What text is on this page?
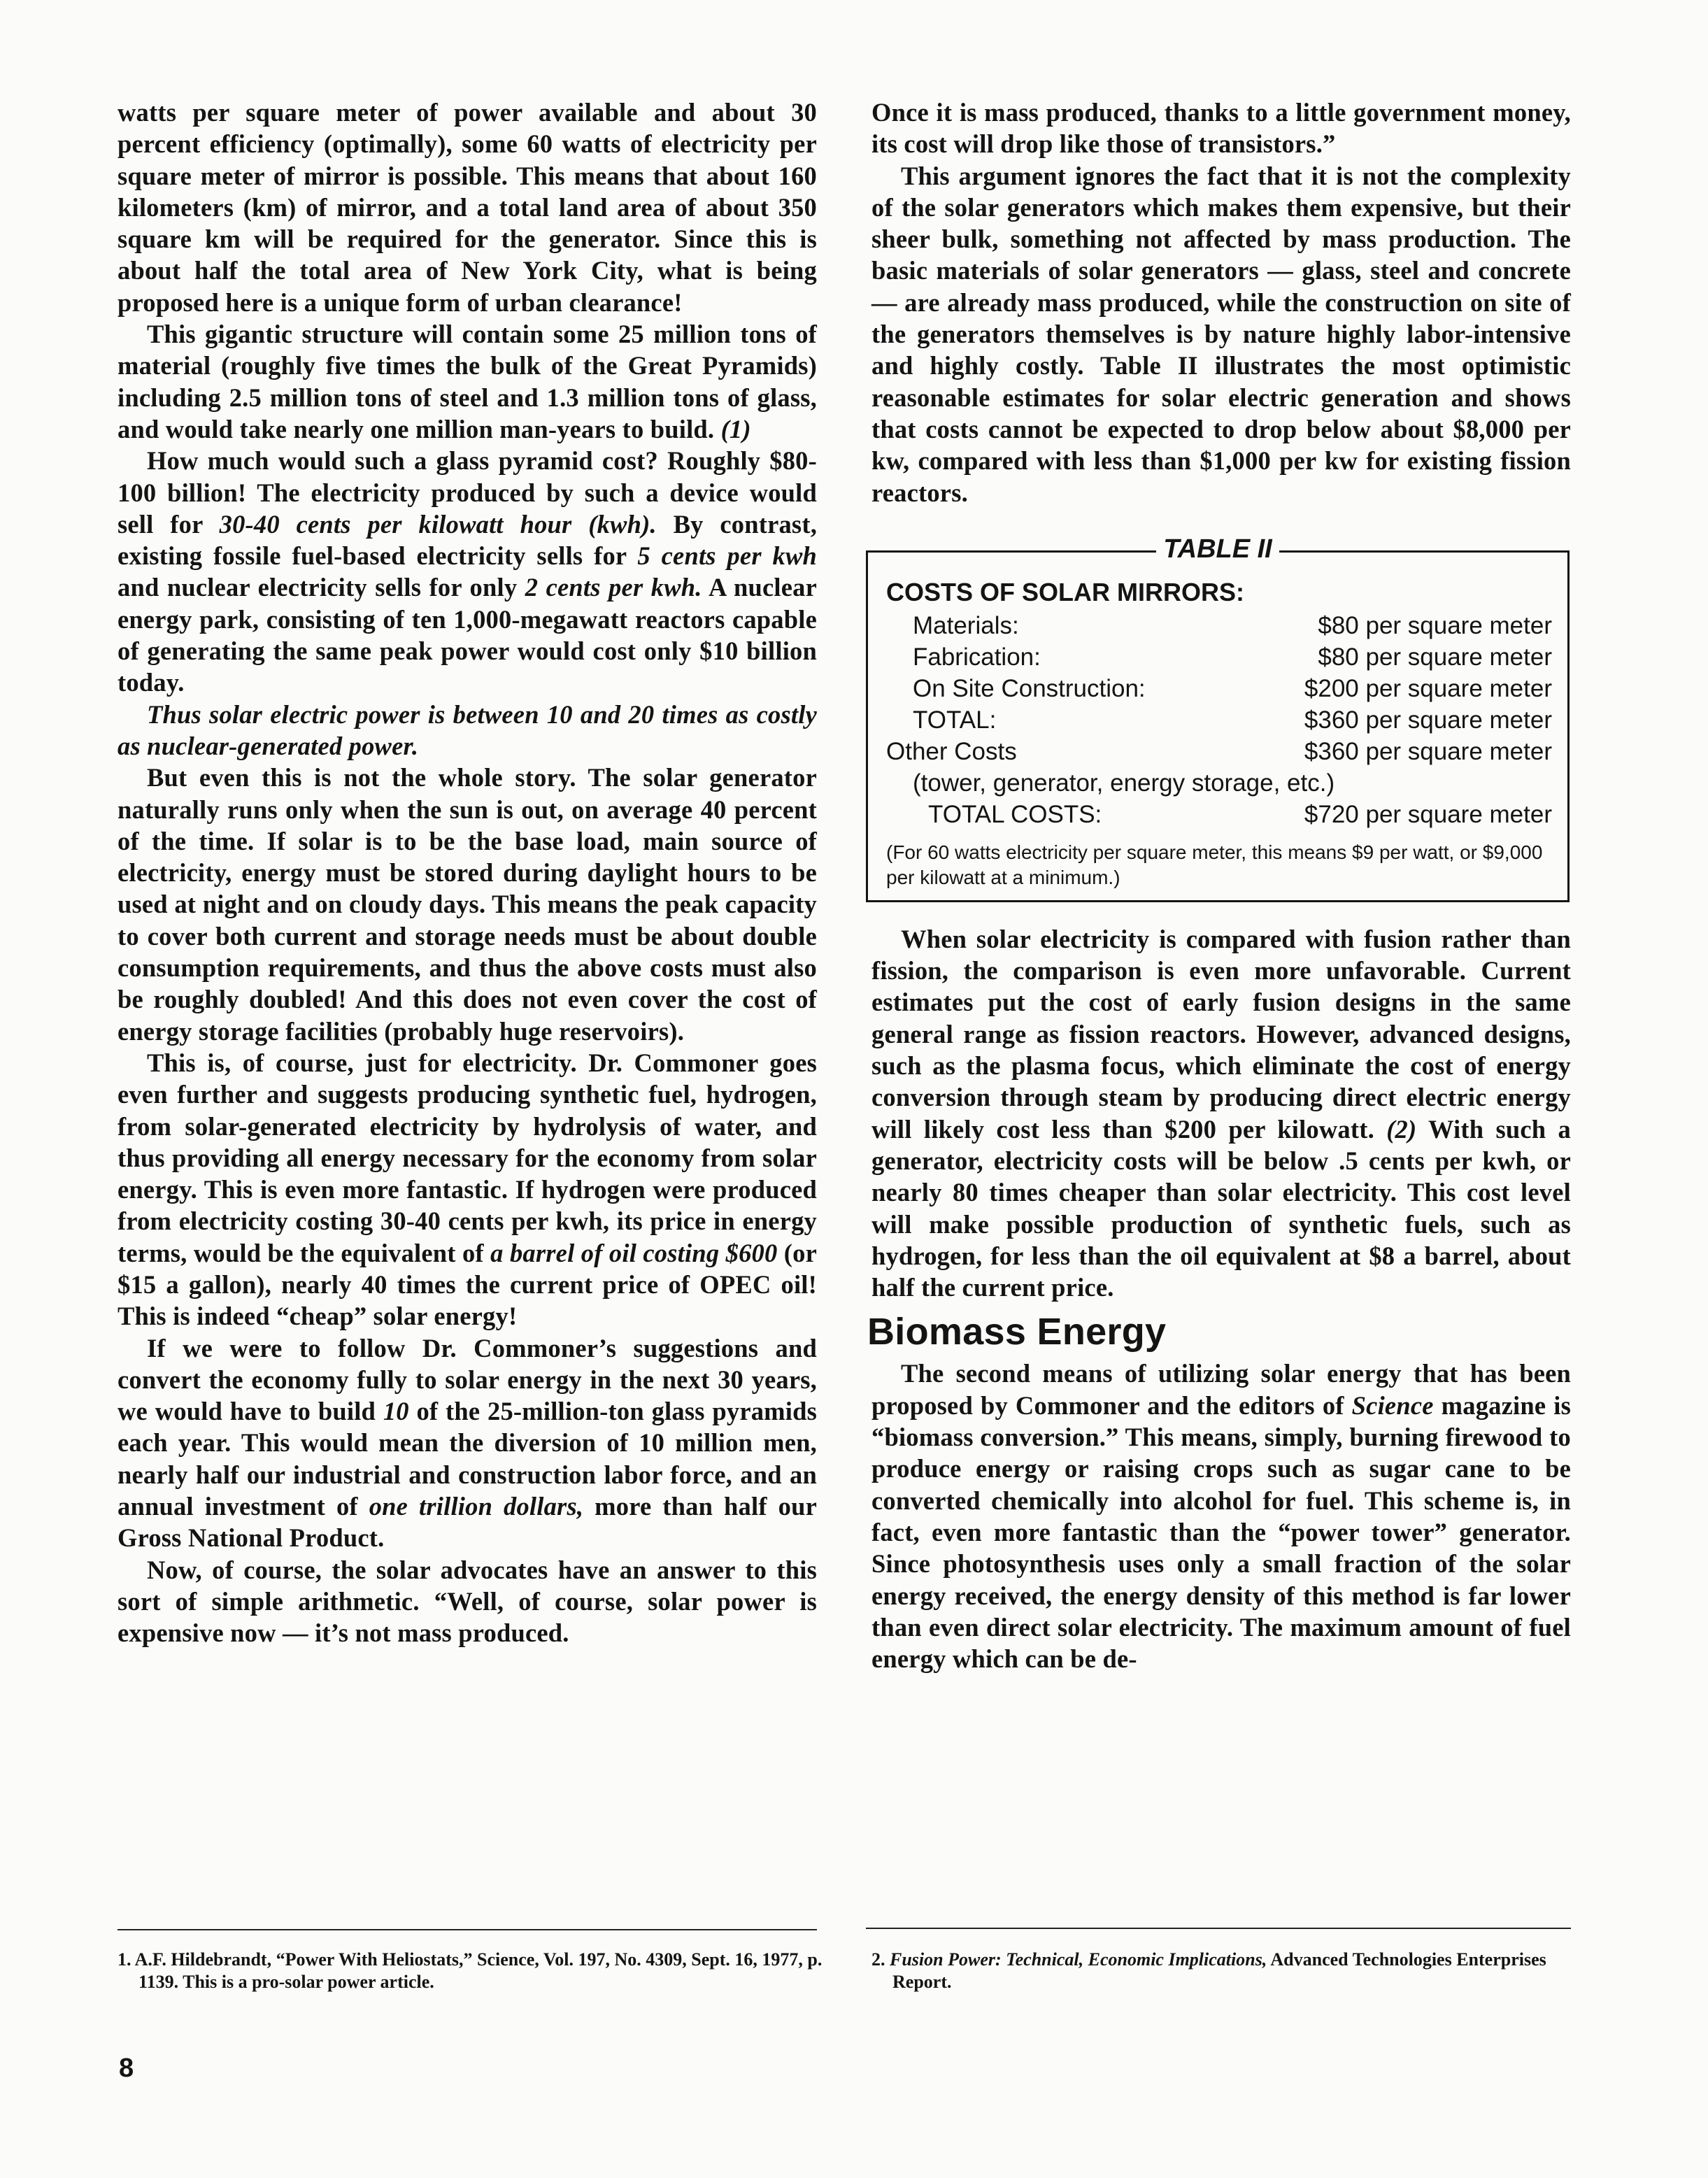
watts per square meter of power available and about 30 percent efficiency (optimally), some 60 watts of electricity per square meter of mirror is possible. This means that about 160 kilometers (km) of mirror, and a total land area of about 350 square km will be required for the generator. Since this is about half the total area of New York City, what is being proposed here is a unique form of urban clearance!

This gigantic structure will contain some 25 million tons of material (roughly five times the bulk of the Great Pyramids) including 2.5 million tons of steel and 1.3 million tons of glass, and would take nearly one million man-years to build. (1)

How much would such a glass pyramid cost? Roughly $80-100 billion! The electricity produced by such a device would sell for 30-40 cents per kilowatt hour (kwh). By contrast, existing fossile fuel-based electricity sells for 5 cents per kwh and nuclear electricity sells for only 2 cents per kwh. A nuclear energy park, consisting of ten 1,000-megawatt reactors capable of generating the same peak power would cost only $10 billion today.

Thus solar electric power is between 10 and 20 times as costly as nuclear-generated power.

But even this is not the whole story. The solar generator naturally runs only when the sun is out, on average 40 percent of the time. If solar is to be the base load, main source of electricity, energy must be stored during daylight hours to be used at night and on cloudy days. This means the peak capacity to cover both current and storage needs must be about double consumption requirements, and thus the above costs must also be roughly doubled! And this does not even cover the cost of energy storage facilities (probably huge reservoirs).

This is, of course, just for electricity. Dr. Commoner goes even further and suggests producing synthetic fuel, hydrogen, from solar-generated electricity by hydrolysis of water, and thus providing all energy necessary for the economy from solar energy. This is even more fantastic. If hydrogen were produced from electricity costing 30-40 cents per kwh, its price in energy terms, would be the equivalent of a barrel of oil costing $600 (or $15 a gallon), nearly 40 times the current price of OPEC oil! This is indeed “cheap” solar energy!

If we were to follow Dr. Commoner’s suggestions and convert the economy fully to solar energy in the next 30 years, we would have to build 10 of the 25-million-ton glass pyramids each year. This would mean the diversion of 10 million men, nearly half our industrial and construction labor force, and an annual investment of one trillion dollars, more than half our Gross National Product.

Now, of course, the solar advocates have an answer to this sort of simple arithmetic. “Well, of course, solar power is expensive now — it’s not mass produced.

Once it is mass produced, thanks to a little government money, its cost will drop like those of transistors.”

This argument ignores the fact that it is not the complexity of the solar generators which makes them expensive, but their sheer bulk, something not affected by mass production. The basic materials of solar generators — glass, steel and concrete — are already mass produced, while the construction on site of the generators themselves is by nature highly labor-intensive and highly costly. Table II illustrates the most optimistic reasonable estimates for solar electric generation and shows that costs cannot be expected to drop below about $8,000 per kw, compared with less than $1,000 per kw for existing fission reactors.

TABLE II
COSTS OF SOLAR MIRRORS:
Materials:	$80 per square meter
Fabrication:	$80 per square meter
On Site Construction:	$200 per square meter
TOTAL:	$360 per square meter
Other Costs	$360 per square meter
(tower, generator, energy storage, etc.)
TOTAL COSTS:	$720 per square meter
(For 60 watts electricity per square meter, this means $9 per watt, or $9,000 per kilowatt at a minimum.)

When solar electricity is compared with fusion rather than fission, the comparison is even more unfavorable. Current estimates put the cost of early fusion designs in the same general range as fission reactors. However, advanced designs, such as the plasma focus, which eliminate the cost of energy conversion through steam by producing direct electric energy will likely cost less than $200 per kilowatt. (2) With such a generator, electricity costs will be below .5 cents per kwh, or nearly 80 times cheaper than solar electricity. This cost level will make possible production of synthetic fuels, such as hydrogen, for less than the oil equivalent at $8 a barrel, about half the current price.

Biomass Energy

The second means of utilizing solar energy that has been proposed by Commoner and the editors of Science magazine is “biomass conversion.” This means, simply, burning firewood to produce energy or raising crops such as sugar cane to be converted chemically into alcohol for fuel. This scheme is, in fact, even more fantastic than the “power tower” generator. Since photosynthesis uses only a small fraction of the solar energy received, the energy density of this method is far lower than even direct solar electricity. The maximum amount of fuel energy which can be de-

1. A.F. Hildebrandt, “Power With Heliostats,” Science, Vol. 197, No. 4309, Sept. 16, 1977, p. 1139. This is a pro-solar power article.
2. Fusion Power: Technical, Economic Implications, Advanced Technologies Enterprises Report.
8
